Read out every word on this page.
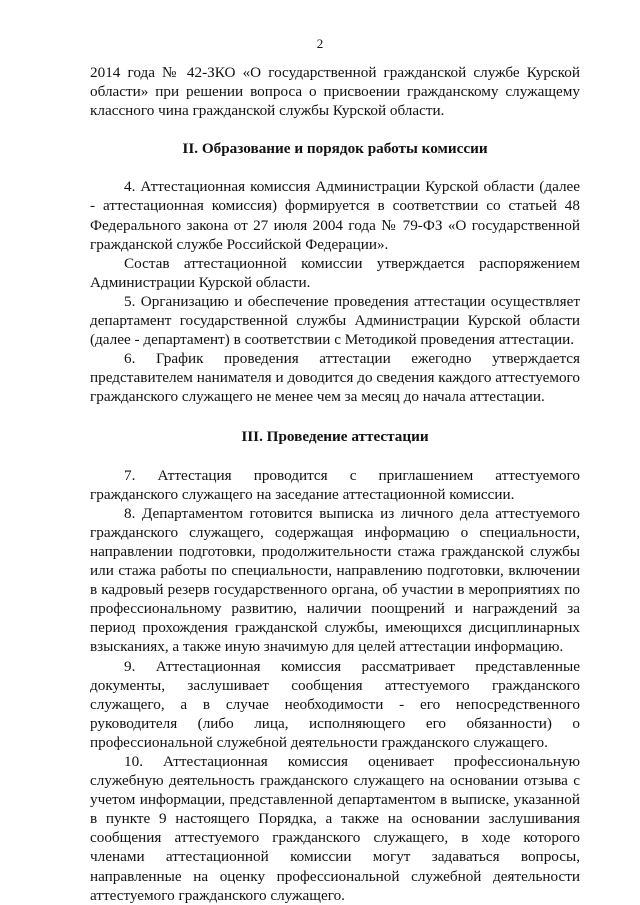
2

2014 года № 42-ЗКО «О государственной гражданской службе Курской области» при решении вопроса о присвоении гражданскому служащему классного чина гражданской службы Курской области.

II. Образование и порядок работы комиссии

4. Аттестационная комиссия Администрации Курской области (далее - аттестационная комиссия) формируется в соответствии со статьей 48 Федерального закона от 27 июля 2004 года № 79-ФЗ «О государственной гражданской службе Российской Федерации».

Состав аттестационной комиссии утверждается распоряжением Администрации Курской области.

5. Организацию и обеспечение проведения аттестации осуществляет департамент государственной службы Администрации Курской области (далее - департамент) в соответствии с Методикой проведения аттестации.

6. График проведения аттестации ежегодно утверждается представителем нанимателя и доводится до сведения каждого аттестуемого гражданского служащего не менее чем за месяц до начала аттестации.

III. Проведение аттестации

7. Аттестация проводится с приглашением аттестуемого гражданского служащего на заседание аттестационной комиссии.

8. Департаментом готовится выписка из личного дела аттестуемого гражданского служащего, содержащая информацию о специальности, направлении подготовки, продолжительности стажа гражданской службы или стажа работы по специальности, направлению подготовки, включении в кадровый резерв государственного органа, об участии в мероприятиях по профессиональному развитию, наличии поощрений и награждений за период прохождения гражданской службы, имеющихся дисциплинарных взысканиях, а также иную значимую для целей аттестации информацию.

9. Аттестационная комиссия рассматривает представленные документы, заслушивает сообщения аттестуемого гражданского служащего, а в случае необходимости - его непосредственного руководителя (либо лица, исполняющего его обязанности) о профессиональной служебной деятельности гражданского служащего.

10. Аттестационная комиссия оценивает профессиональную служебную деятельность гражданского служащего на основании отзыва с учетом информации, представленной департаментом в выписке, указанной в пункте 9 настоящего Порядка, а также на основании заслушивания сообщения аттестуемого гражданского служащего, в ходе которого членами аттестационной комиссии могут задаваться вопросы, направленные на оценку профессиональной служебной деятельности аттестуемого гражданского служащего.
